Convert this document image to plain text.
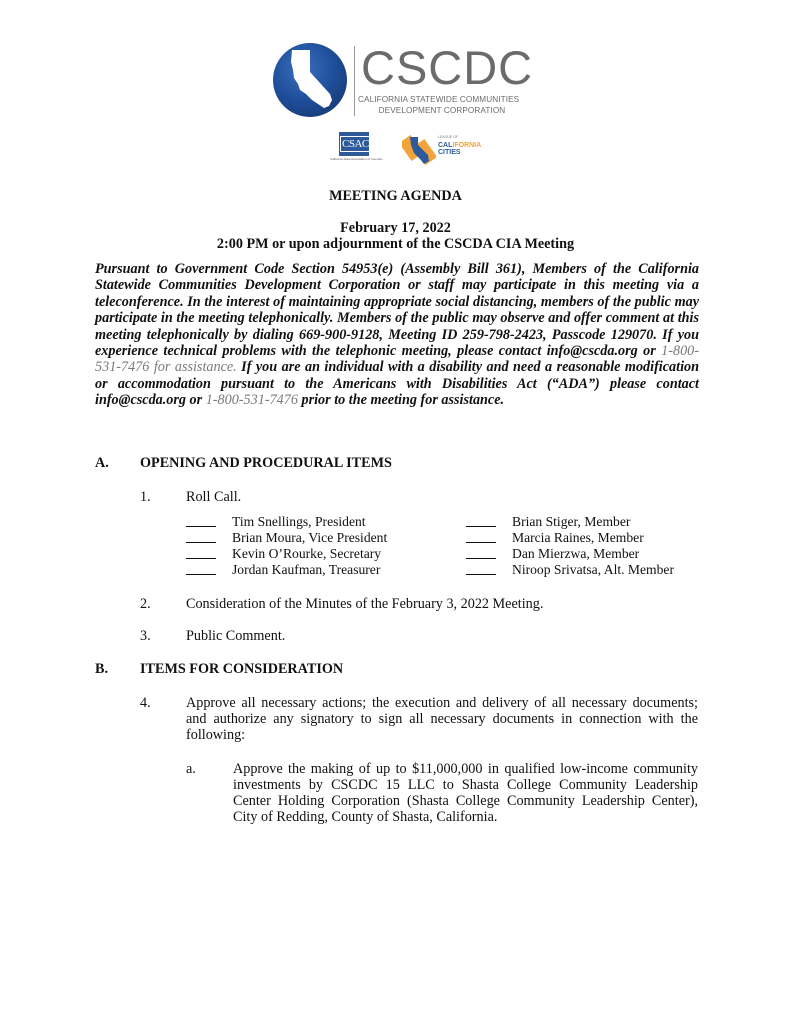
CSCDC
CALIFORNIA STATEWIDE COMMUNITIES
DEVELOPMENT CORPORATION
CSAC
California State Association of Counties
LEAGUE OF
CALIFORNIA
CITIES
MEETING AGENDA
February 17, 2022
2:00 PM or upon adjournment of the CSCDA CIA Meeting
Pursuant to Government Code Section 54953(e) (Assembly Bill 361), Members of the California Statewide Communities Development Corporation or staff may participate in this meeting via a teleconference. In the interest of maintaining appropriate social distancing, members of the public may participate in the meeting telephonically. Members of the public may observe and offer comment at this meeting telephonically by dialing 669-900-9128, Meeting ID 259-798-2423, Passcode 129070. If you experience technical problems with the telephonic meeting, please contact info@cscda.org or 1-800-531-7476 for assistance. If you are an individual with a disability and need a reasonable modification or accommodation pursuant to the Americans with Disabilities Act (“ADA”) please contact info@cscda.org or 1-800-531-7476 prior to the meeting for assistance.
A. OPENING AND PROCEDURAL ITEMS
1. Roll Call.
Tim Snellings, President
Brian Moura, Vice President
Kevin O’Rourke, Secretary
Jordan Kaufman, Treasurer
Brian Stiger, Member
Marcia Raines, Member
Dan Mierzwa, Member
Niroop Srivatsa, Alt. Member
2. Consideration of the Minutes of the February 3, 2022 Meeting.
3. Public Comment.
B. ITEMS FOR CONSIDERATION
4. Approve all necessary actions; the execution and delivery of all necessary documents; and authorize any signatory to sign all necessary documents in connection with the following:
a.	Approve the making of up to $11,000,000 in qualified low-income community investments by CSCDC 15 LLC to Shasta College Community Leadership Center Holding Corporation (Shasta College Community Leadership Center), City of Redding, County of Shasta, California.
